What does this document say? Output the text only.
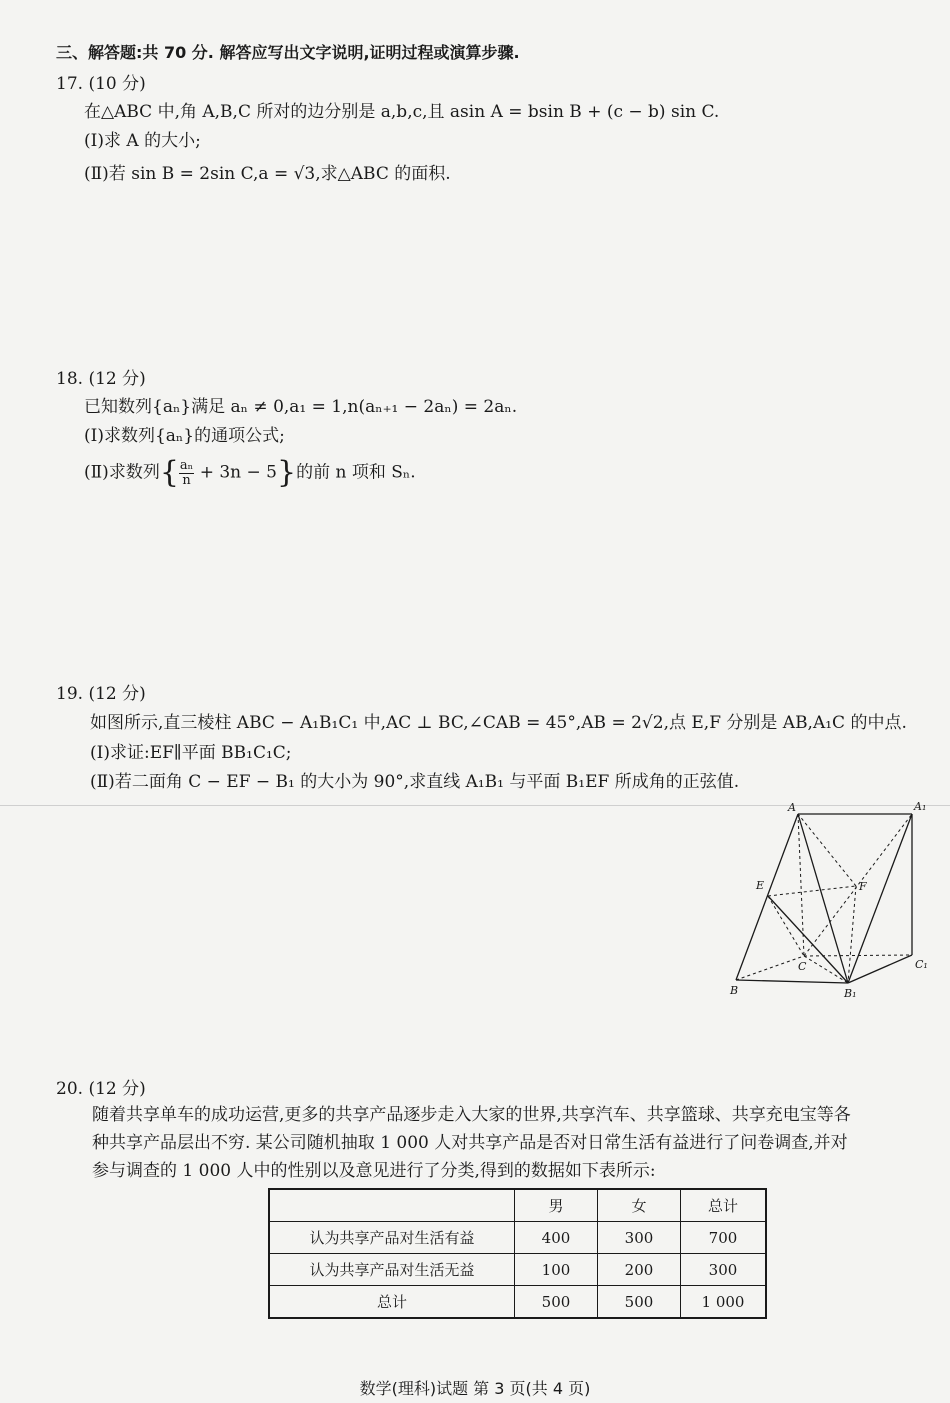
三、解答题:共 70 分. 解答应写出文字说明,证明过程或演算步骤.
17. (10 分)
在△ABC 中,角 A,B,C 所对的边分别是 a,b,c,且 asin A = bsin B + (c − b) sin C.
(Ⅰ)求 A 的大小;
(Ⅱ)若 sin B = 2sin C,a = √3,求△ABC 的面积.
18. (12 分)
已知数列{aₙ}满足 aₙ ≠ 0,a₁ = 1,n(aₙ₊₁ − 2aₙ) = 2aₙ.
(Ⅰ)求数列{aₙ}的通项公式;
(Ⅱ)求数列{ $\frac{\text{aₙ}}{n} + 3n - 5$}的前 n 项和 Sₙ.
19. (12 分)
如图所示,直三棱柱 ABC − A₁B₁C₁ 中,AC ⊥ BC,∠CAB = 45°,AB = 2√2,点 E,F 分别是 AB,A₁C 的中点.
(Ⅰ)求证:EF∥平面 BB₁C₁C;
(Ⅱ)若二面角 C − EF − B₁ 的大小为 90°,求直线 A₁B₁ 与平面 B₁EF 所成角的正弦值.
A	A₁
E	F
C	C₁
B	B₁
20. (12 分)
随着共享单车的成功运营,更多的共享产品逐步走入大家的世界,共享汽车、共享篮球、共享充电宝等各
种共享产品层出不穷. 某公司随机抽取 1 000 人对共享产品是否对日常生活有益进行了问卷调查,并对
参与调查的 1 000 人中的性别以及意见进行了分类,得到的数据如下表所示:
	男	女	总计
认为共享产品对生活有益	400	300	700
认为共享产品对生活无益	100	200	300
总计	500	500	1 000
数学(理科)试题 第 3 页(共 4 页)
